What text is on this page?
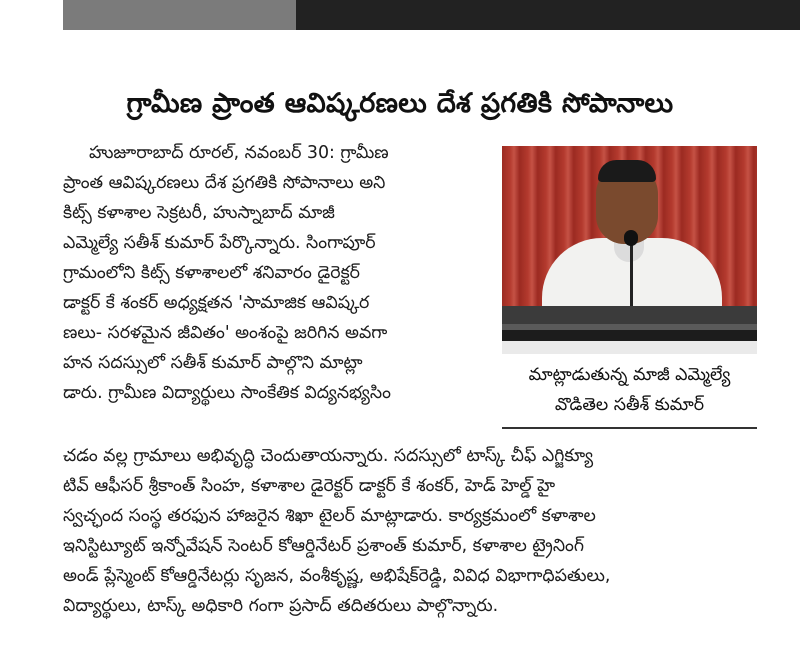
గ్రామీణ ప్రాంత ఆవిష్కరణలు దేశ ప్రగతికి సోపానాలు
హుజూరాబాద్ రూరల్, నవంబర్ 30: గ్రామీణ
ప్రాంత ఆవిష్కరణలు దేశ ప్రగతికి సోపానాలు అని
కిట్స్ కళాశాల సెక్రటరీ, హుస్నాబాద్ మాజీ
ఎమ్మెల్యే సతీశ్ కుమార్ పేర్కొన్నారు. సింగాపూర్
గ్రామంలోని కిట్స్ కళాశాలలో శనివారం డైరెక్టర్
డాక్టర్ కే శంకర్ అధ్యక్షతన 'సామాజిక ఆవిష్కర
ణలు- సరళమైన జీవితం' అంశంపై జరిగిన అవగా
హన సదస్సులో సతీశ్ కుమార్ పాల్గొని మాట్లా
డారు. గ్రామీణ విద్యార్థులు సాంకేతిక విద్యనభ్యసిం
మాట్లాడుతున్న మాజీ ఎమ్మెల్యే
వొడితెల సతీశ్ కుమార్
చడం వల్ల గ్రామాలు అభివృద్ధి చెందుతాయన్నారు. సదస్సులో టాస్క్ చీఫ్ ఎగ్జిక్యూ
టివ్ ఆఫీసర్ శ్రీకాంత్ సింహ, కళాశాల డైరెక్టర్ డాక్టర్ కే శంకర్, హెడ్ హెల్డ్ హై
స్వచ్ఛంద సంస్థ తరఫున హాజరైన శిఖా టైలర్ మాట్లాడారు. కార్యక్రమంలో కళాశాల
ఇనిస్టిట్యూట్ ఇన్నోవేషన్ సెంటర్ కోఆర్డినేటర్ ప్రశాంత్ కుమార్, కళాశాల ట్రైనింగ్
అండ్ ప్లేస్మెంట్ కోఆర్డినేటర్లు సృజన, వంశీకృష్ణ, అభిషేక్‌రెడ్డి, వివిధ విభాగాధిపతులు,
విద్యార్థులు, టాస్క్ అధికారి గంగా ప్రసాద్ తదితరులు పాల్గొన్నారు.
